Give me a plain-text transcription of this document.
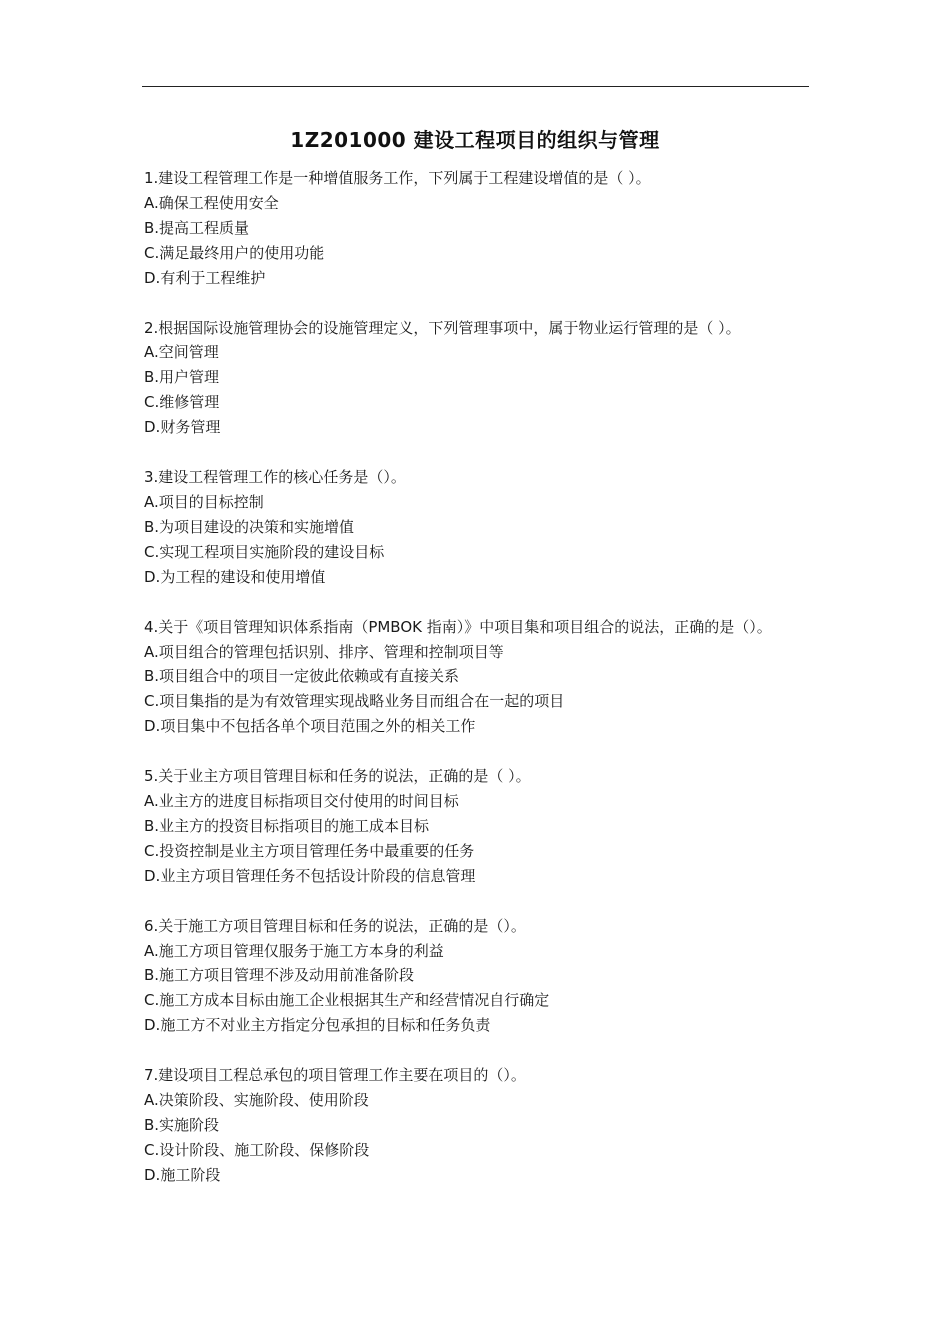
1Z201000 建设工程项目的组织与管理
1.建设工程管理工作是一种增值服务工作，下列属于工程建设增值的是（ ）。
A.确保工程使用安全
B.提高工程质量
C.满足最终用户的使用功能
D.有利于工程维护
2.根据国际设施管理协会的设施管理定义，下列管理事项中，属于物业运行管理的是（ ）。
A.空间管理
B.用户管理
C.维修管理
D.财务管理
3.建设工程管理工作的核心任务是（）。
A.项目的目标控制
B.为项目建设的决策和实施增值
C.实现工程项目实施阶段的建设目标
D.为工程的建设和使用增值
4.关于《项目管理知识体系指南（PMBOK 指南）》中项目集和项目组合的说法，正确的是（）。
A.项目组合的管理包括识别、排序、管理和控制项目等
B.项目组合中的项目一定彼此依赖或有直接关系
C.项目集指的是为有效管理实现战略业务目而组合在一起的项目
D.项目集中不包括各单个项目范围之外的相关工作
5.关于业主方项目管理目标和任务的说法，正确的是（ ）。
A.业主方的进度目标指项目交付使用的时间目标
B.业主方的投资目标指项目的施工成本目标
C.投资控制是业主方项目管理任务中最重要的任务
D.业主方项目管理任务不包括设计阶段的信息管理
6.关于施工方项目管理目标和任务的说法，正确的是（）。
A.施工方项目管理仅服务于施工方本身的利益
B.施工方项目管理不涉及动用前准备阶段
C.施工方成本目标由施工企业根据其生产和经营情况自行确定
D.施工方不对业主方指定分包承担的目标和任务负责
7.建设项目工程总承包的项目管理工作主要在项目的（）。
A.决策阶段、实施阶段、使用阶段
B.实施阶段
C.设计阶段、施工阶段、保修阶段
D.施工阶段
